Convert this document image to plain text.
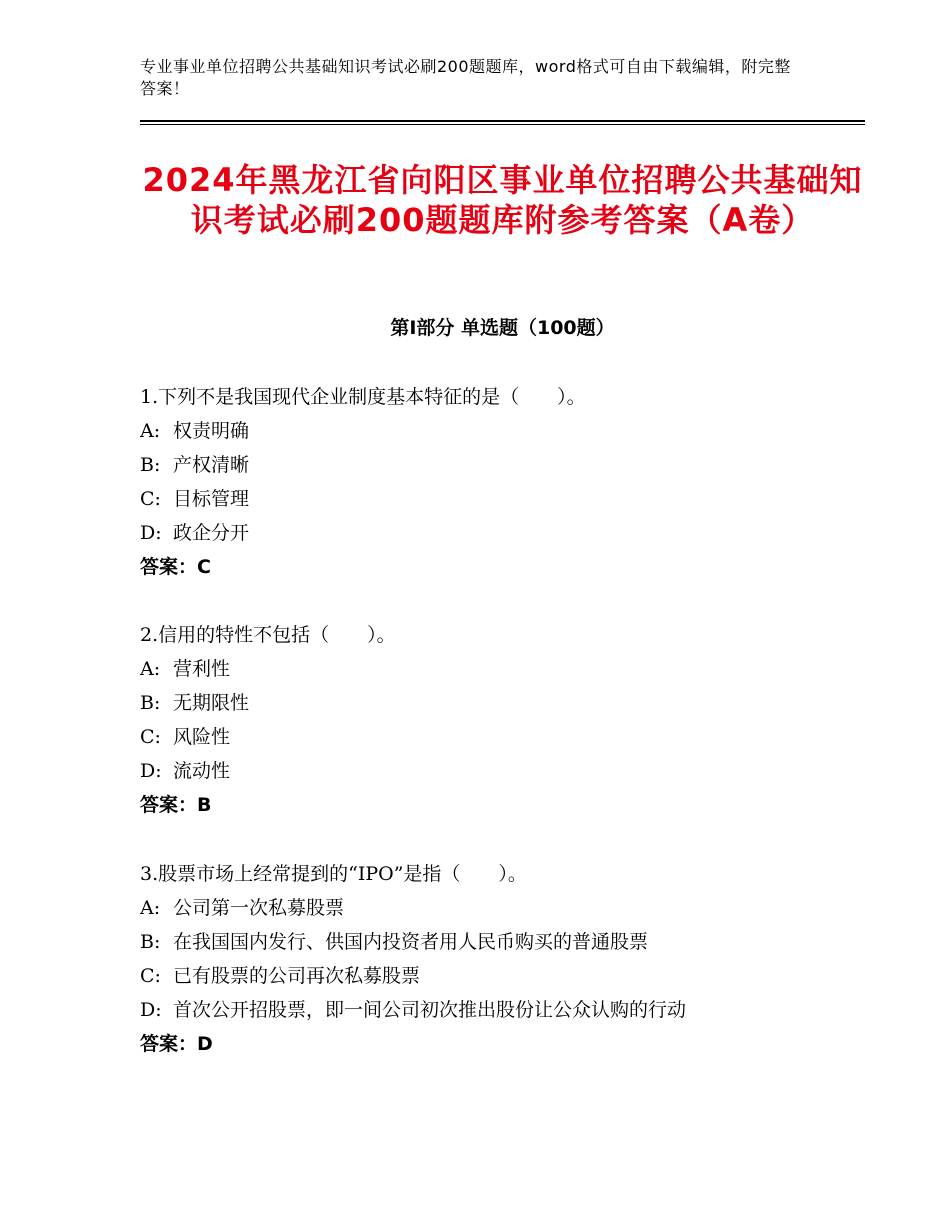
专业事业单位招聘公共基础知识考试必刷200题题库，word格式可自由下载编辑，附完整答案！
2024年黑龙江省向阳区事业单位招聘公共基础知识考试必刷200题题库附参考答案（A卷）
第Ⅰ部分 单选题（100题）
1.下列不是我国现代企业制度基本特征的是（　　）。
A: 权责明确
B: 产权清晰
C: 目标管理
D: 政企分开
答案：C
2.信用的特性不包括（　　）。
A: 营利性
B: 无期限性
C: 风险性
D: 流动性
答案：B
3.股票市场上经常提到的“IPO”是指（　　）。
A: 公司第一次私募股票
B: 在我国国内发行、供国内投资者用人民币购买的普通股票
C: 已有股票的公司再次私募股票
D: 首次公开招股票，即一间公司初次推出股份让公众认购的行动
答案：D
